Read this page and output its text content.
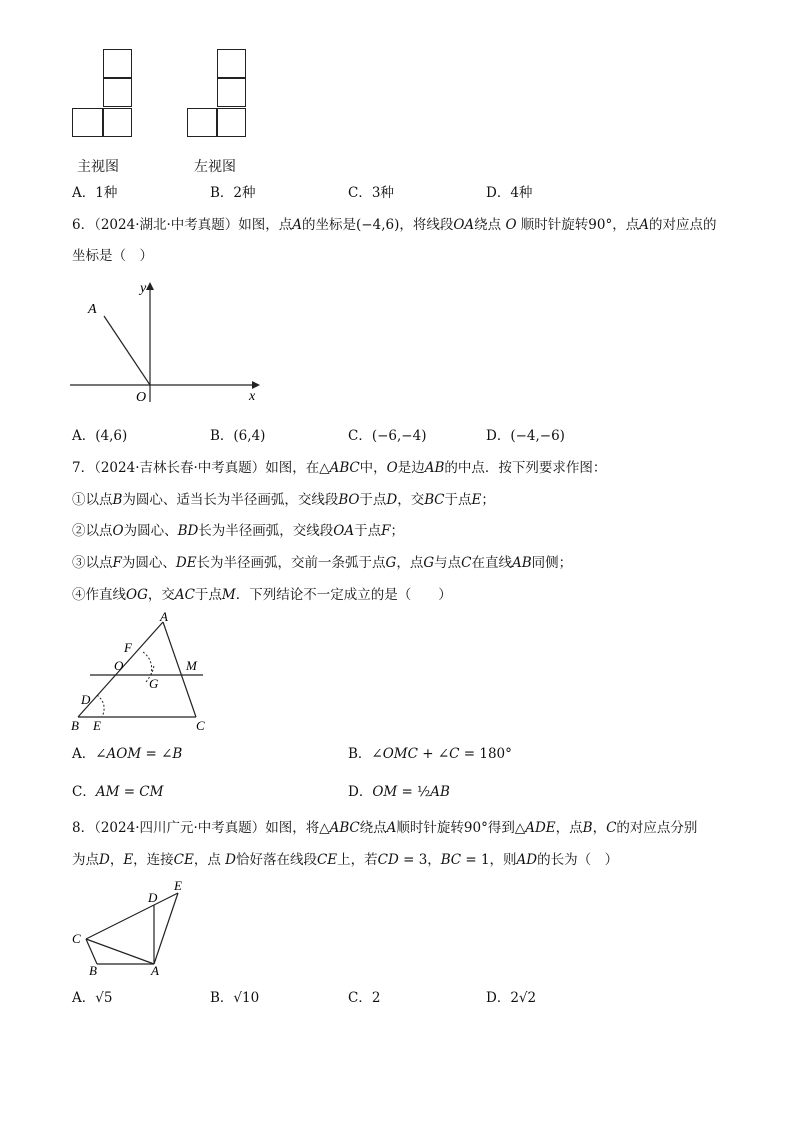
主视图	左视图
A．1种	B．2种	C．3种	D．4种
6．（2024·湖北·中考真题）如图，点𝐴的坐标是(−4,6)，将线段𝑂𝐴绕点 𝑂 顺时针旋转90°，点𝐴的对应点的
坐标是（　）
y
x
O
A
A．(4,6)	B．(6,4)	C．(−6,−4)	D．(−4,−6)
7．（2024·吉林长春·中考真题）如图，在△𝐴𝐵𝐶中，𝑂是边𝐴𝐵的中点．按下列要求作图：
①以点𝐵为圆心、适当长为半径画弧，交线段𝐵𝑂于点𝐷，交𝐵𝐶于点𝐸；
②以点𝑂为圆心、𝐵𝐷长为半径画弧，交线段𝑂𝐴于点𝐹；
③以点𝐹为圆心、𝐷𝐸长为半径画弧，交前一条弧于点𝐺，点𝐺与点𝐶在直线𝐴𝐵同侧；
④作直线𝑂𝐺，交𝐴𝐶于点𝑀．下列结论不一定成立的是（　　）
A
F
O	M
G
D
B E	C
A．∠𝐴𝑂𝑀 = ∠𝐵	B．∠𝑂𝑀𝐶 + ∠𝐶 = 180°
C．𝐴𝑀 = 𝐶𝑀	D．𝑂𝑀 = ½𝐴𝐵
8．（2024·四川广元·中考真题）如图，将△𝐴𝐵𝐶绕点𝐴顺时针旋转90°得到△𝐴𝐷𝐸，点𝐵，𝐶的对应点分别
为点𝐷，𝐸，连接𝐶𝐸，点 𝐷恰好落在线段𝐶𝐸上，若𝐶𝐷 = 3，𝐵𝐶 = 1，则𝐴𝐷的长为（　）
D
E
C
B	A
A．√5	B．√10	C．2	D．2√2
